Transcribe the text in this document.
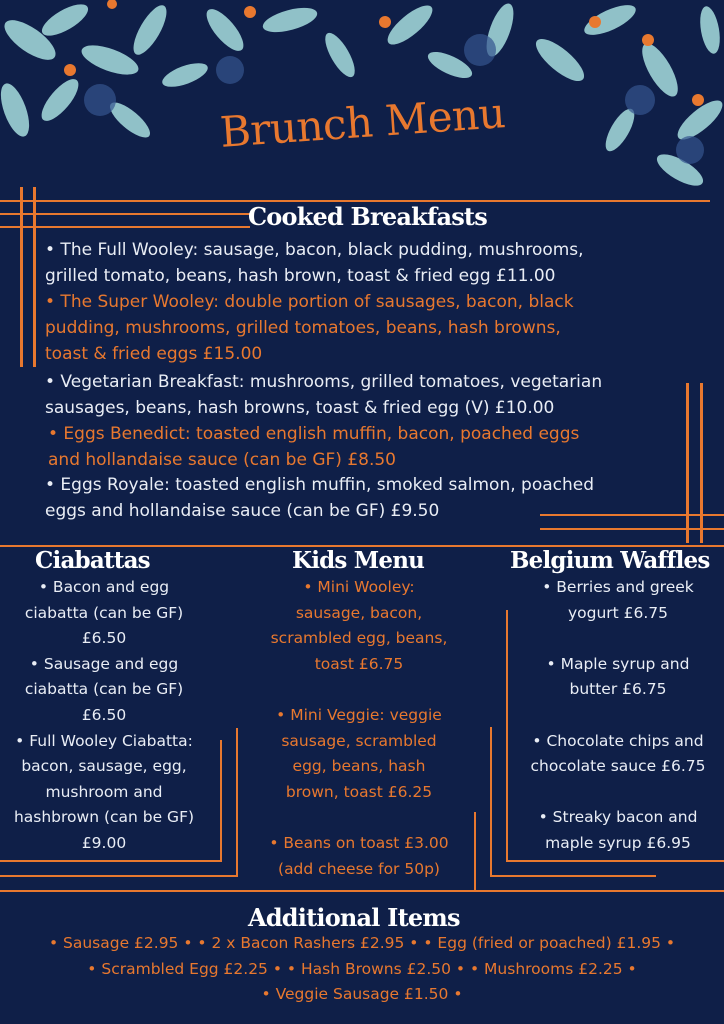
Brunch Menu
Cooked Breakfasts
• The Full Wooley: sausage, bacon, black pudding, mushrooms,
grilled tomato, beans, hash brown, toast & fried egg £11.00
• The Super Wooley: double portion of sausages, bacon, black
pudding, mushrooms, grilled tomatoes, beans, hash browns,
toast & fried eggs £15.00
• Vegetarian Breakfast: mushrooms, grilled tomatoes, vegetarian
sausages, beans, hash browns, toast & fried egg (V) £10.00
• Eggs Benedict: toasted english muffin, bacon, poached eggs
and hollandaise sauce (can be GF) £8.50
• Eggs Royale: toasted english muffin, smoked salmon, poached
eggs and hollandaise sauce (can be GF) £9.50
Ciabattas
• Bacon and egg
ciabatta (can be GF)
£6.50
• Sausage and egg
ciabatta (can be GF)
£6.50
• Full Wooley Ciabatta:
bacon, sausage, egg,
mushroom and
hashbrown (can be GF)
£9.00
Kids Menu
• Mini Wooley:
sausage, bacon,
scrambled egg, beans,
toast £6.75

• Mini Veggie: veggie
sausage, scrambled
egg, beans, hash
brown, toast £6.25

• Beans on toast £3.00
(add cheese for 50p)
Belgium Waffles
• Berries and greek
yogurt £6.75

• Maple syrup and
butter £6.75

• Chocolate chips and
chocolate sauce £6.75

• Streaky bacon and
maple syrup £6.95
Additional Items
• Sausage £2.95 • • 2 x Bacon Rashers £2.95 • • Egg (fried or poached) £1.95 •
• Scrambled Egg £2.25 • • Hash Browns £2.50 • • Mushrooms £2.25 •
• Veggie Sausage £1.50 •
